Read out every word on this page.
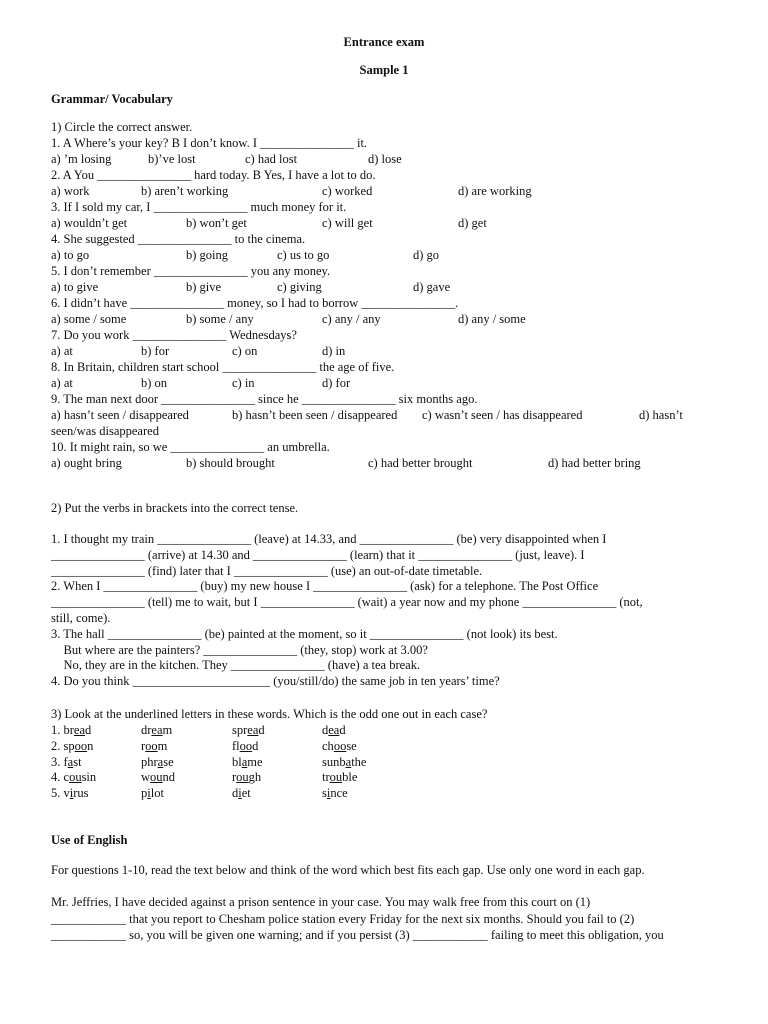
Entrance exam
Sample 1
Grammar/ Vocabulary
1) Circle the correct answer.
1. A Where’s your key? B I don’t know. I _______________ it.
a) ’m losing	b)’ve lost	c) had lost	d) lose
2. A You _______________ hard today. B Yes, I have a lot to do.
a) work	b) aren’t working	c) worked	d) are working
3. If I sold my car, I _______________ much money for it.
a) wouldn’t get	b) won’t get	c) will get	d) get
4. She suggested _______________ to the cinema.
a) to go	b) going	c) us to go	d) go
5. I don’t remember _______________ you any money.
a) to give	b) give	c) giving	d) gave
6. I didn’t have _______________ money, so I had to borrow _______________.
a) some / some	b) some / any	c) any / any	d) any / some
7. Do you work _______________ Wednesdays?
a) at	b) for	c) on	d) in
8. In Britain, children start school _______________ the age of five.
a) at	b) on	c) in	d) for
9. The man next door _______________ since he _______________ six months ago.
a) hasn’t seen / disappeared	b) hasn’t been seen / disappeared c) wasn’t seen / has disappeared	d) hasn’t
seen/was disappeared
10. It might rain, so we _______________ an umbrella.
a) ought bring	b) should brought	c) had better brought	d) had better bring
2) Put the verbs in brackets into the correct tense.
1. I thought my train _______________ (leave) at 14.33, and _______________ (be) very disappointed when I
_______________ (arrive) at 14.30 and _______________ (learn) that it _______________ (just, leave). I
_______________ (find) later that I _______________ (use) an out-of-date timetable.
2. When I _______________ (buy) my new house I _______________ (ask) for a telephone. The Post Office
_______________ (tell) me to wait, but I _______________ (wait) a year now and my phone _______________ (not,
still, come).
3. The hall _______________ (be) painted at the moment, so it _______________ (not look) its best.
But where are the painters? _______________ (they, stop) work at 3.00?
No, they are in the kitchen. They _______________ (have) a tea break.
4. Do you think ______________________ (you/still/do) the same job in ten years’ time?
3) Look at the underlined letters in these words. Which is the odd one out in each case?
1. bread	dream	spread	dead
2. spoon	room	flood	choose
3. fast	phrase	blame	sunbathe
4. cousin	wound	rough	trouble
5. virus	pilot	diet	since
Use of English
For questions 1-10, read the text below and think of the word which best fits each gap. Use only one word in each gap.
Mr. Jeffries, I have decided against a prison sentence in your case. You may walk free from this court on (1)
____________ that you report to Chesham police station every Friday for the next six months. Should you fail to (2)
____________ so, you will be given one warning; and if you persist (3) ____________ failing to meet this obligation, you
